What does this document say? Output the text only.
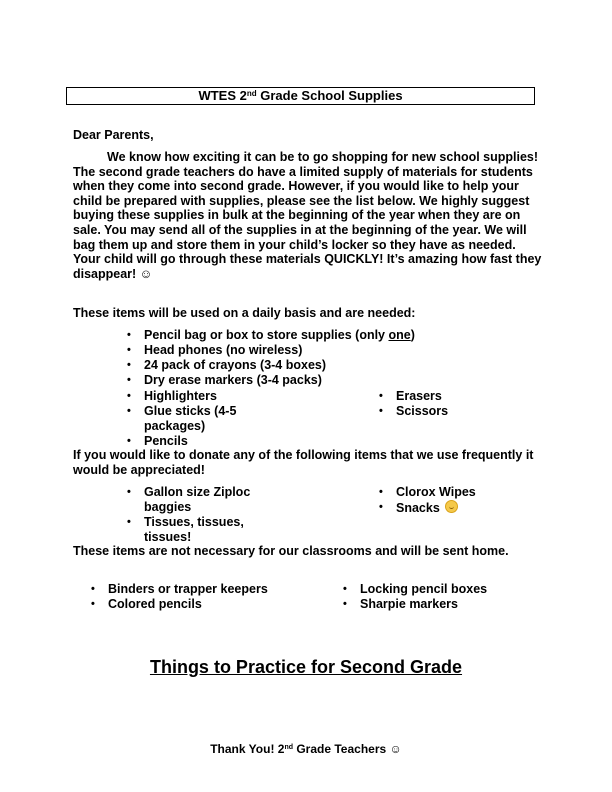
WTES 2nd Grade School Supplies
Dear Parents,

We know how exciting it can be to go shopping for new school supplies! The second grade teachers do have a limited supply of materials for students when they come into second grade. However, if you would like to help your child be prepared with supplies, please see the list below. We highly suggest buying these supplies in bulk at the beginning of the year when they are on sale. You may send all of the supplies in at the beginning of the year. We will bag them up and store them in your child’s locker so they have as needed. Your child will go through these materials QUICKLY! It’s amazing how fast they disappear! ☺

These items will be used on a daily basis and are needed:

• Pencil bag or box to store supplies (only one)
• Head phones (no wireless)
• 24 pack of crayons (3-4 boxes)
• Dry erase markers (3-4 packs)
• Highlighters
• Glue sticks (4-5 packages)
• Pencils
• Erasers
• Scissors

If you would like to donate any of the following items that we use frequently it would be appreciated!

• Gallon size Ziploc baggies
• Tissues, tissues, tissues!
• Clorox Wipes
• Snacks

These items are not necessary for our classrooms and will be sent home.

• Binders or trapper keepers
• Colored pencils
• Locking pencil boxes
• Sharpie markers
Things to Practice for Second Grade
Thank You! 2nd Grade Teachers ☺
